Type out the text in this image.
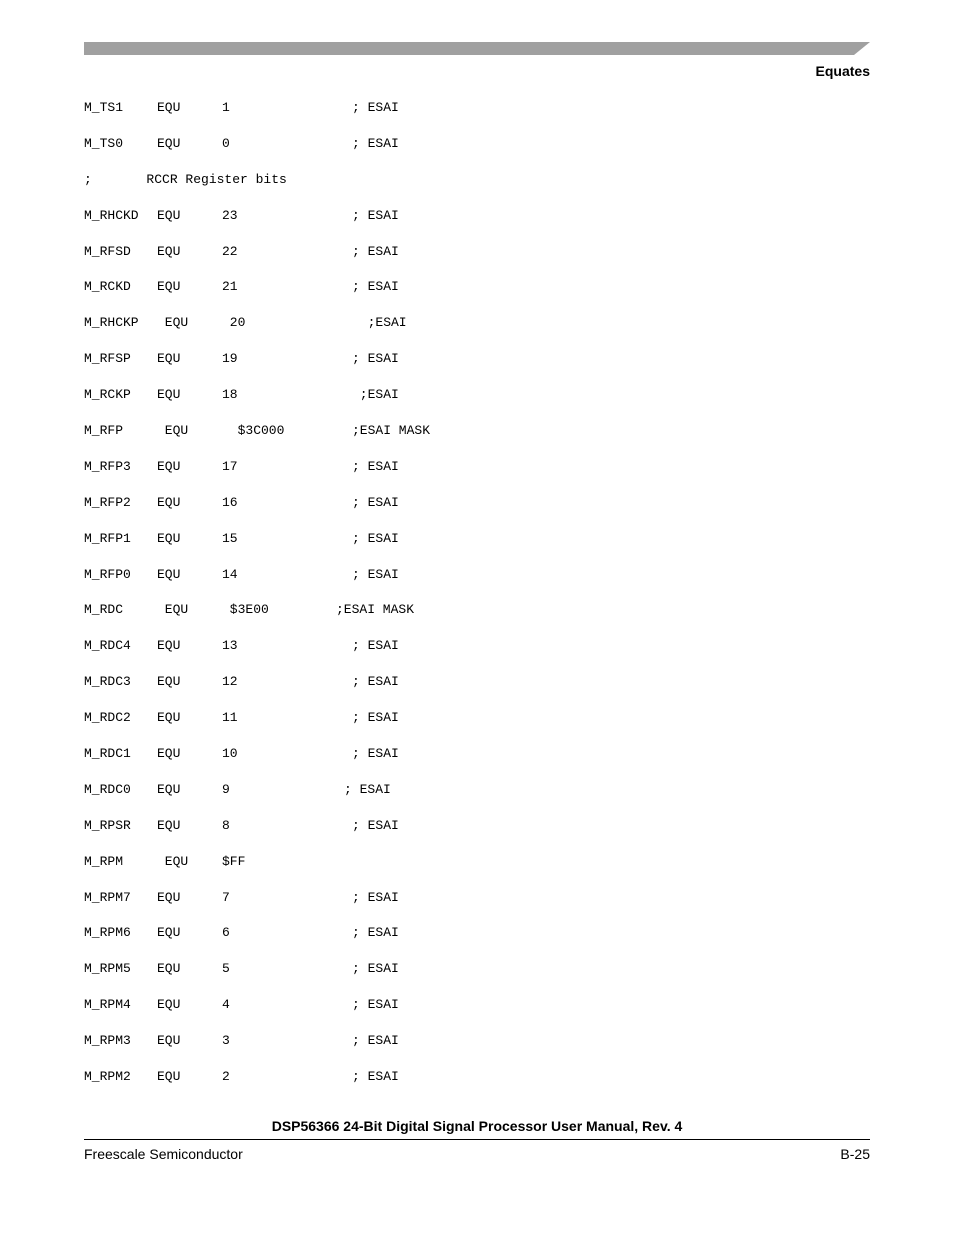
Equates
M_TS1	EQU	1	; ESAI
M_TS0	EQU	0	; ESAI
;       RCCR Register bits
M_RHCKD EQU	23	; ESAI
M_RFSD EQU	22	; ESAI
M_RCKD EQU	21	; ESAI
M_RHCKP EQU	20	;ESAI
M_RFSP EQU	19	; ESAI
M_RCKP EQU	18	;ESAI
M_RFP	EQU	$3C000	;ESAI MASK
M_RFP3 EQU	17	; ESAI
M_RFP2 EQU	16	; ESAI
M_RFP1 EQU	15	; ESAI
M_RFP0 EQU	14	; ESAI
M_RDC	EQU	$3E00	;ESAI MASK
M_RDC4 EQU	13	; ESAI
M_RDC3 EQU	12	; ESAI
M_RDC2 EQU	11	; ESAI
M_RDC1 EQU	10	; ESAI
M_RDC0 EQU	9	; ESAI
M_RPSR EQU	8	; ESAI
M_RPM	EQU	$FF
M_RPM7 EQU	7	; ESAI
M_RPM6 EQU	6	; ESAI
M_RPM5 EQU	5	; ESAI
M_RPM4 EQU	4	; ESAI
M_RPM3 EQU	3	; ESAI
M_RPM2 EQU	2	; ESAI
DSP56366 24-Bit Digital Signal Processor User Manual, Rev. 4
Freescale Semiconductor	B-25
